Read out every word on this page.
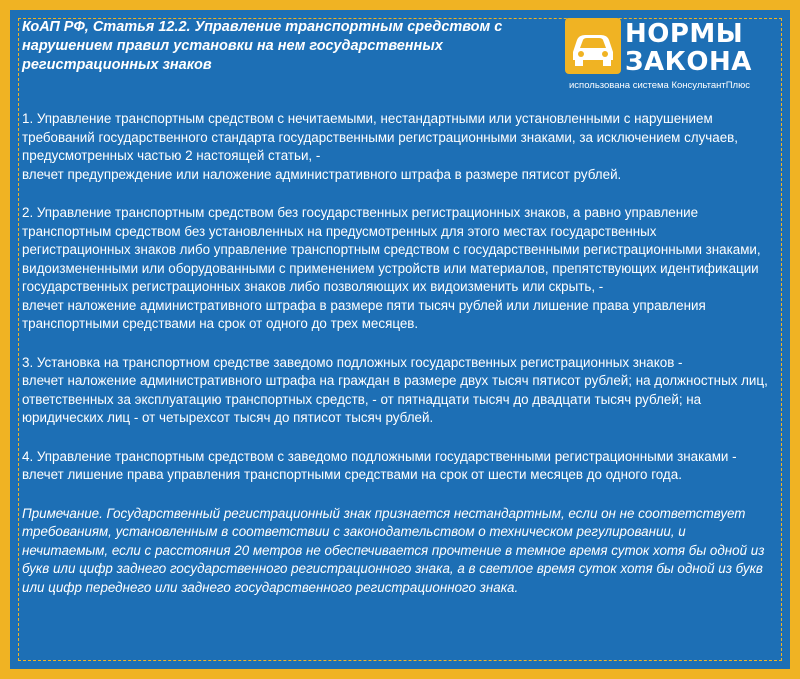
КоАП РФ, Статья 12.2. Управление транспортным средством с нарушением правил установки на нем государственных регистрационных знаков
НОРМЫ
ЗАКОНА
использована система КонсультантПлюс

1. Управление транспортным средством с нечитаемыми, нестандартными или установленными с нарушением требований государственного стандарта государственными регистрационными знаками, за исключением случаев, предусмотренных частью 2 настоящей статьи, -

влечет предупреждение или наложение административного штрафа в размере пятисот рублей.

2. Управление транспортным средством без государственных регистрационных знаков, а равно управление транспортным средством без установленных на предусмотренных для этого местах государственных регистрационных знаков либо управление транспортным средством с государственными регистрационными знаками, видоизмененными или оборудованными с применением устройств или материалов, препятствующих идентификации государственных регистрационных знаков либо позволяющих их видоизменить или скрыть, -

влечет наложение административного штрафа в размере пяти тысяч рублей или лишение права управления транспортными средствами на срок от одного до трех месяцев.

3. Установка на транспортном средстве заведомо подложных государственных регистрационных знаков -

влечет наложение административного штрафа на граждан в размере двух тысяч пятисот рублей; на должностных лиц, ответственных за эксплуатацию транспортных средств, - от пятнадцати тысяч до двадцати тысяч рублей; на юридических лиц - от четырехсот тысяч до пятисот тысяч рублей.

4. Управление транспортным средством с заведомо подложными государственными регистрационными знаками -

влечет лишение права управления транспортными средствами на срок от шести месяцев до одного года.

Примечание. Государственный регистрационный знак признается нестандартным, если он не соответствует требованиям, установленным в соответствии с законодательством о техническом регулировании, и нечитаемым, если с расстояния 20 метров не обеспечивается прочтение в темное время суток хотя бы одной из букв или цифр заднего государственного регистрационного знака, а в светлое время суток хотя бы одной из букв или цифр переднего или заднего государственного регистрационного знака.
